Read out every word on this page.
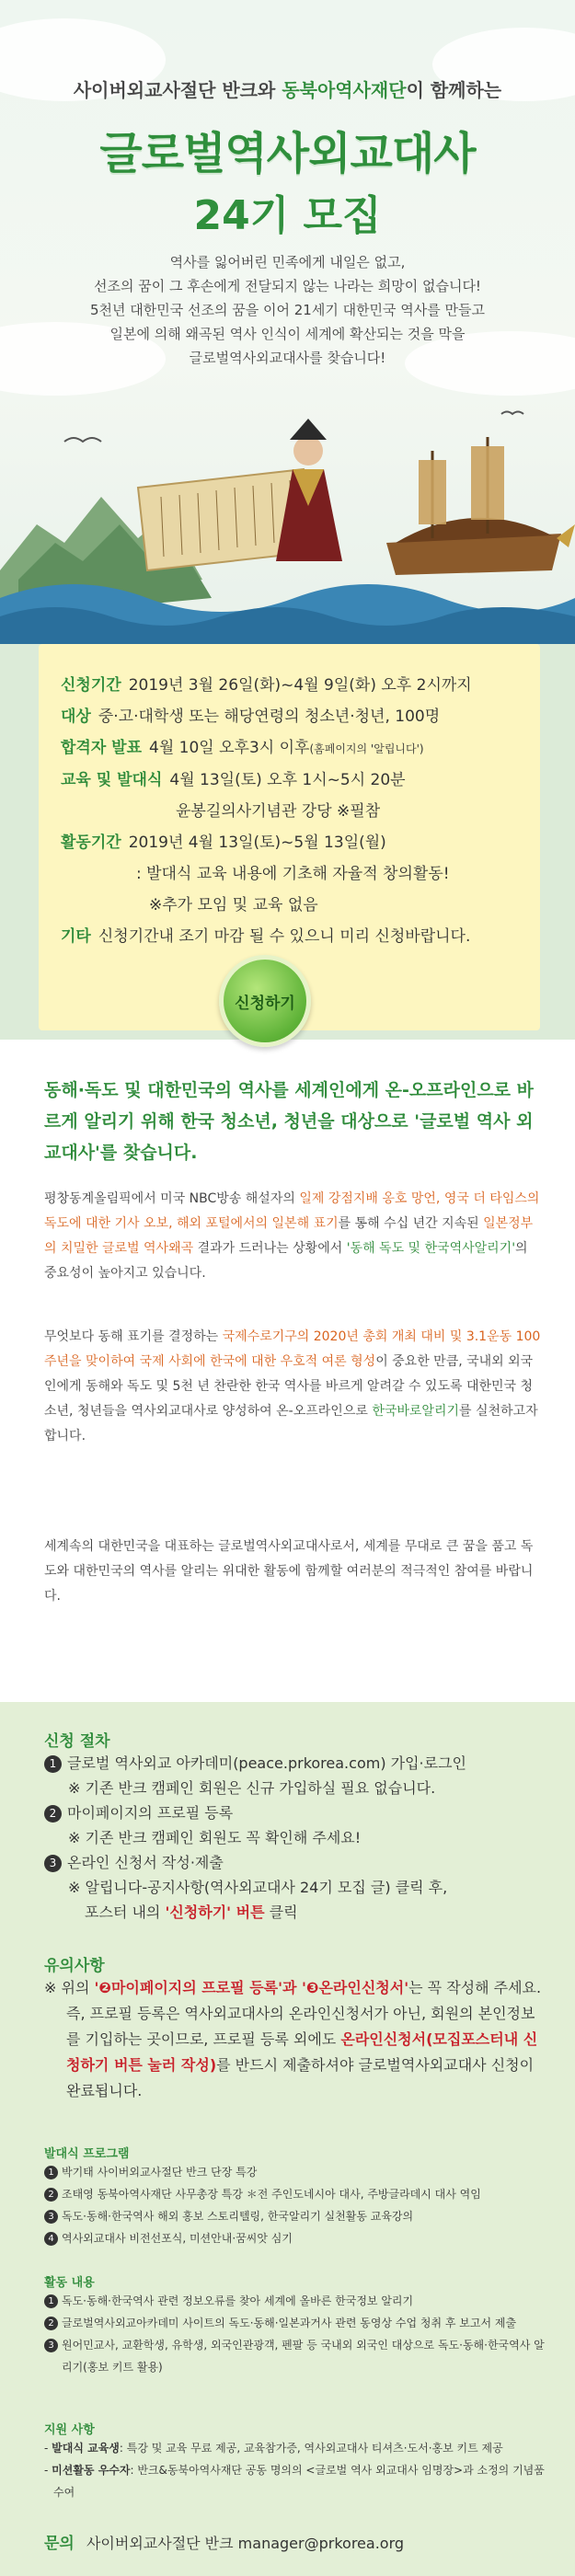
사이버외교사절단 반크와 동북아역사재단이 함께하는
글로벌역사외교대사
24기 모집
역사를 잃어버린 민족에게 내일은 없고,
선조의 꿈이 그 후손에게 전달되지 않는 나라는 희망이 없습니다!
5천년 대한민국 선조의 꿈을 이어 21세기 대한민국 역사를 만들고
일본에 의해 왜곡된 역사 인식이 세계에 확산되는 것을 막을
글로벌역사외교대사를 찾습니다!
신청기간 2019년 3월 26일(화)~4월 9일(화) 오후 2시까지
대상 중·고·대학생 또는 해당연령의 청소년·청년, 100명
합격자 발표 4월 10일 오후3시 이후(홈페이지의 '알립니다')
교육 및 발대식 4월 13일(토) 오후 1시~5시 20분
윤봉길의사기념관 강당 ※필참
활동기간 2019년 4월 13일(토)~5월 13일(월)
: 발대식 교육 내용에 기초해 자율적 창의활동!
※추가 모임 및 교육 없음
기타 신청기간내 조기 마감 될 수 있으니 미리 신청바랍니다.
신청하기
동해·독도 및 대한민국의 역사를 세계인에게 온-오프라인으로 바르게 알리기 위해 한국 청소년, 청년을 대상으로 '글로벌 역사 외교대사'를 찾습니다.
평창동계올림픽에서 미국 NBC방송 해설자의 일제 강점지배 옹호 망언, 영국 더 타임스의 독도에 대한 기사 오보, 해외 포털에서의 일본해 표기를 통해 수십 년간 지속된 일본정부의 치밀한 글로벌 역사왜곡 결과가 드러나는 상황에서 '동해 독도 및 한국역사알리기'의 중요성이 높아지고 있습니다.
무엇보다 동해 표기를 결정하는 국제수로기구의 2020년 총회 개최 대비 및 3.1운동 100주년을 맞이하여 국제 사회에 한국에 대한 우호적 여론 형성이 중요한 만큼, 국내외 외국인에게 동해와 독도 및 5천 년 찬란한 한국 역사를 바르게 알려갈 수 있도록 대한민국 청소년, 청년들을 역사외교대사로 양성하여 온-오프라인으로 한국바로알리기를 실천하고자 합니다.
세계속의 대한민국을 대표하는 글로벌역사외교대사로서, 세계를 무대로 큰 꿈을 품고 독도와 대한민국의 역사를 알리는 위대한 활동에 함께할 여러분의 적극적인 참여를 바랍니다.
신청 절차
1 글로벌 역사외교 아카데미(peace.prkorea.com) 가입·로그인
※ 기존 반크 캠페인 회원은 신규 가입하실 필요 없습니다.
2 마이페이지의 프로필 등록
※ 기존 반크 캠페인 회원도 꼭 확인해 주세요!
3 온라인 신청서 작성·제출
※ 알립니다-공지사항(역사외교대사 24기 모집 글) 클릭 후,
포스터 내의 '신청하기' 버튼 클릭
유의사항
※ 위의 '❷마이페이지의 프로필 등록'과 '❸온라인신청서'는 꼭 작성해 주세요. 즉, 프로필 등록은 역사외교대사의 온라인신청서가 아닌, 회원의 본인정보를 기입하는 곳이므로, 프로필 등록 외에도 온라인신청서(모집포스터내 신청하기 버튼 눌러 작성)를 반드시 제출하셔야 글로벌역사외교대사 신청이 완료됩니다.
발대식 프로그램
1 박기태 사이버외교사절단 반크 단장 특강
2 조태영 동북아역사재단 사무총장 특강 ＊전 주인도네시아 대사, 주방글라데시 대사 역임
3 독도·동해·한국역사 해외 홍보 스토리텔링, 한국알리기 실천활동 교육강의
4 역사외교대사 비전선포식, 미션안내·꿈씨앗 심기
활동 내용
1 독도·동해·한국역사 관련 정보오류를 찾아 세계에 올바른 한국정보 알리기
2 글로벌역사외교아카데미 사이트의 독도·동해·일본과거사 관련 동영상 수업 청취 후 보고서 제출
3 원어민교사, 교환학생, 유학생, 외국인관광객, 펜팔 등 국내외 외국인 대상으로 독도·동해·한국역사 알리기(홍보 키트 활용)
지원 사항
- 발대식 교육생: 특강 및 교육 무료 제공, 교육참가증, 역사외교대사 티셔츠·도서·홍보 키트 제공
- 미션활동 우수자: 반크&동북아역사재단 공동 명의의 <글로벌 역사 외교대사 임명장>과 소정의 기념품 수여
문의 사이버외교사절단 반크 manager@prkorea.org
